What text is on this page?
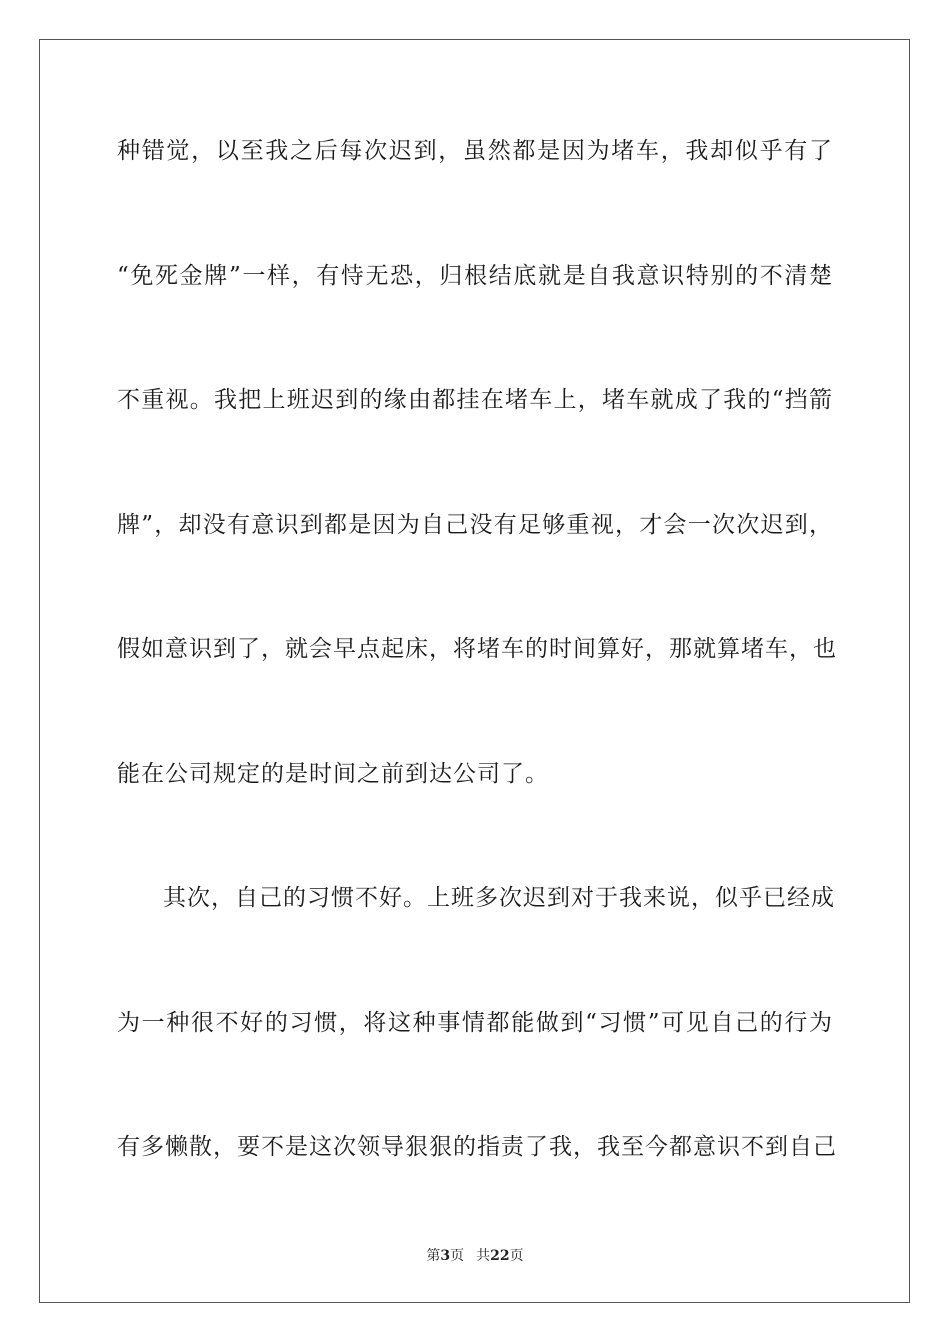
种错觉，以至我之后每次迟到，虽然都是因为堵车，我却似乎有了
“免死金牌”一样，有恃无恐，归根结底就是自我意识特别的不清楚
不重视。我把上班迟到的缘由都挂在堵车上，堵车就成了我的“挡箭
牌”，却没有意识到都是因为自己没有足够重视，才会一次次迟到，
假如意识到了，就会早点起床，将堵车的时间算好，那就算堵车，也
能在公司规定的是时间之前到达公司了。
其次，自己的习惯不好。上班多次迟到对于我来说，似乎已经成
为一种很不好的习惯，将这种事情都能做到“习惯”可见自己的行为
有多懒散，要不是这次领导狠狠的指责了我，我至今都意识不到自己
第3页 共22页
